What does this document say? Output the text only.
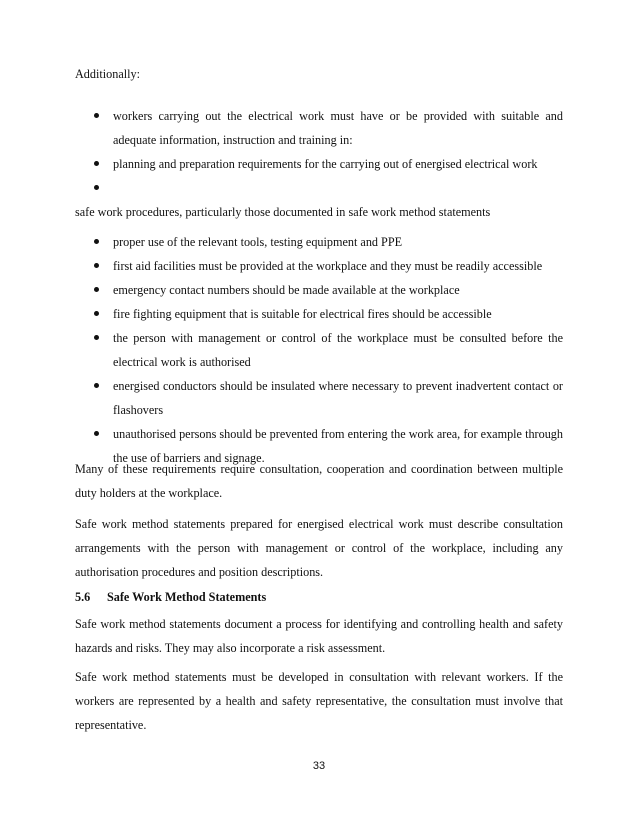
Additionally:
workers carrying out the electrical work must have or be provided with suitable and adequate information, instruction and training in:
planning and preparation requirements for the carrying out of energised electrical work

safe work procedures, particularly those documented in safe work method statements
proper use of the relevant tools, testing equipment and PPE
first aid facilities must be provided at the workplace and they must be readily accessible
emergency contact numbers should be made available at the workplace
fire fighting equipment that is suitable for electrical fires should be accessible
the person with management or control of the workplace must be consulted before the electrical work is authorised
energised conductors should be insulated where necessary to prevent inadvertent contact or flashovers
unauthorised persons should be prevented from entering the work area, for example through the use of barriers and signage.
Many of these requirements require consultation, cooperation and coordination between multiple duty holders at the workplace.
Safe work method statements prepared for energised electrical work must describe consultation arrangements with the person with management or control of the workplace, including any authorisation procedures and position descriptions.
5.6 Safe Work Method Statements
Safe work method statements document a process for identifying and controlling health and safety hazards and risks. They may also incorporate a risk assessment.
Safe work method statements must be developed in consultation with relevant workers. If the workers are represented by a health and safety representative, the consultation must involve that representative.
33
